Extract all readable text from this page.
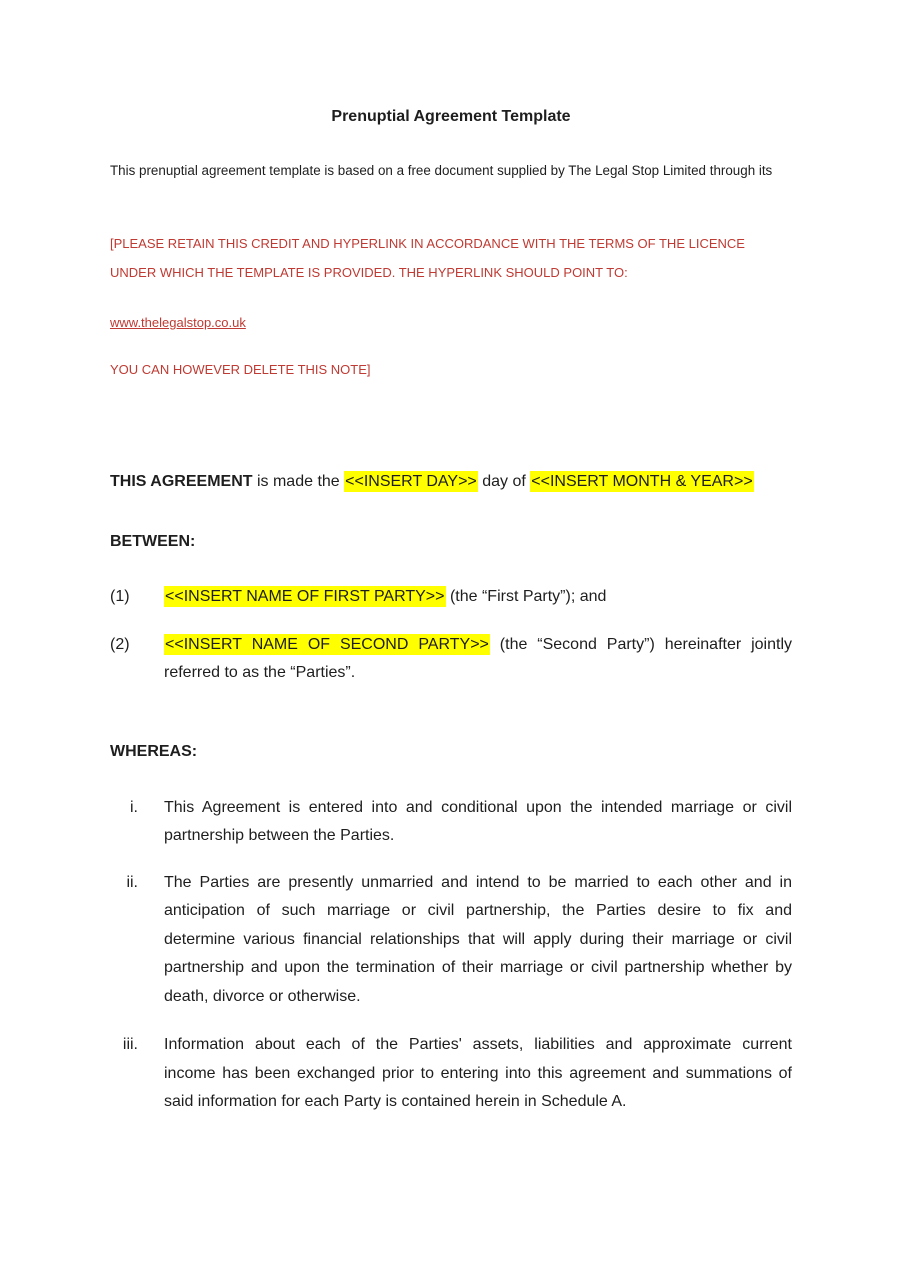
Prenuptial Agreement Template
This prenuptial agreement template is based on a free document supplied by The Legal Stop Limited through its
[PLEASE RETAIN THIS CREDIT AND HYPERLINK IN ACCORDANCE WITH THE TERMS OF THE LICENCE
UNDER WHICH THE TEMPLATE IS PROVIDED. THE HYPERLINK SHOULD POINT TO:
www.thelegalstop.co.uk
YOU CAN HOWEVER DELETE THIS NOTE]
THIS AGREEMENT is made the <<INSERT DAY>> day of <<INSERT MONTH & YEAR>>
BETWEEN:
(1)	<<INSERT NAME OF FIRST PARTY>> (the “First Party”); and
(2)	<<INSERT NAME OF SECOND PARTY>> (the “Second Party”) hereinafter jointly
referred to as the “Parties”.
WHEREAS:
i.	This Agreement is entered into and conditional upon the intended marriage or civil
partnership between the Parties.
ii.	The Parties are presently unmarried and intend to be married to each other and in
anticipation of such marriage or civil partnership, the Parties desire to fix and
determine various financial relationships that will apply during their marriage or civil
partnership and upon the termination of their marriage or civil partnership whether by
death, divorce or otherwise.
iii.	Information about each of the Parties' assets, liabilities and approximate current
income has been exchanged prior to entering into this agreement and summations of
said information for each Party is contained herein in Schedule A.
